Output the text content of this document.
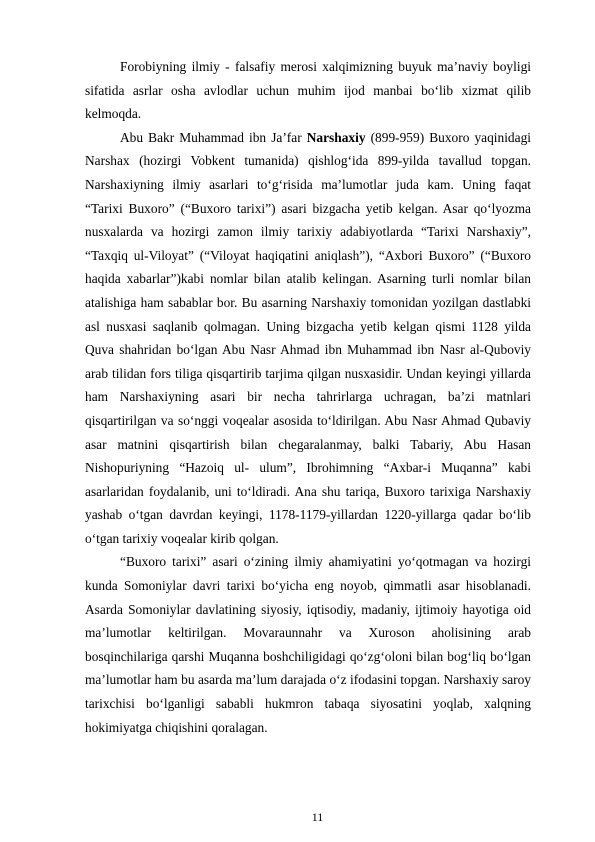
Forobiyning ilmiy - falsafiy merosi xalqimizning buyuk ma’naviy boyligi sifatida asrlar osha avlodlar uchun muhim ijod manbai bo‘lib xizmat qilib kelmoqda.

Abu Bakr Muhammad ibn Ja’far Narshaxiy (899-959) Buxoro yaqinidagi Narshax (hozirgi Vobkent tumanida) qishlog‘ida 899-yilda tavallud topgan. Narshaxiyning ilmiy asarlari to‘g‘risida ma’lumotlar juda kam. Uning faqat “Tarixi Buxoro” (“Buxoro tarixi”) asari bizgacha yetib kelgan. Asar qo‘lyozma nusxalarda va hozirgi zamon ilmiy tarixiy adabiyotlarda “Tarixi Narshaxiy”, “Taxqiq ul-Viloyat” (“Viloyat haqiqatini aniqlash”), “Axbori Buxoro” (“Buxoro haqida xabarlar”)kabi nomlar bilan atalib kelingan. Asarning turli nomlar bilan atalishiga ham sabablar bor. Bu asarning Narshaxiy tomonidan yozilgan dastlabki asl nusxasi saqlanib qolmagan. Uning bizgacha yetib kelgan qismi 1128 yilda Quva shahridan bo‘lgan Abu Nasr Ahmad ibn Muhammad ibn Nasr al-Quboviy arab tilidan fors tiliga qisqartirib tarjima qilgan nusxasidir. Undan keyingi yillarda ham Narshaxiyning asari bir necha tahrirlarga uchragan, ba’zi matnlari qisqartirilgan va so‘nggi voqealar asosida to‘ldirilgan. Abu Nasr Ahmad Qubaviy asar matnini qisqartirish bilan chegaralanmay, balki Tabariy, Abu Hasan Nishopuriyning “Hazoiq ul- ulum”, Ibrohimning “Axbar-i Muqanna” kabi asarlaridan foydalanib, uni to‘ldiradi. Ana shu tariqa, Buxoro tarixiga Narshaxiy yashab o‘tgan davrdan keyingi, 1178-1179-yillardan 1220-yillarga qadar bo‘lib o‘tgan tarixiy voqealar kirib qolgan.

“Buxoro tarixi” asari o‘zining ilmiy ahamiyatini yo‘qotmagan va hozirgi kunda Somoniylar davri tarixi bo‘yicha eng noyob, qimmatli asar hisoblanadi. Asarda Somoniylar davlatining siyosiy, iqtisodiy, madaniy, ijtimoiy hayotiga oid ma’lumotlar keltirilgan. Movaraunnahr va Xuroson aholisining arab bosqinchilariga qarshi Muqanna boshchiligidagi qo‘zg‘oloni bilan bog‘liq bo‘lgan ma’lumotlar ham bu asarda ma’lum darajada o‘z ifodasini topgan. Narshaxiy saroy tarixchisi bo‘lganligi sababli hukmron tabaqa siyosatini yoqlab, xalqning hokimiyatga chiqishini qoralagan.

11
